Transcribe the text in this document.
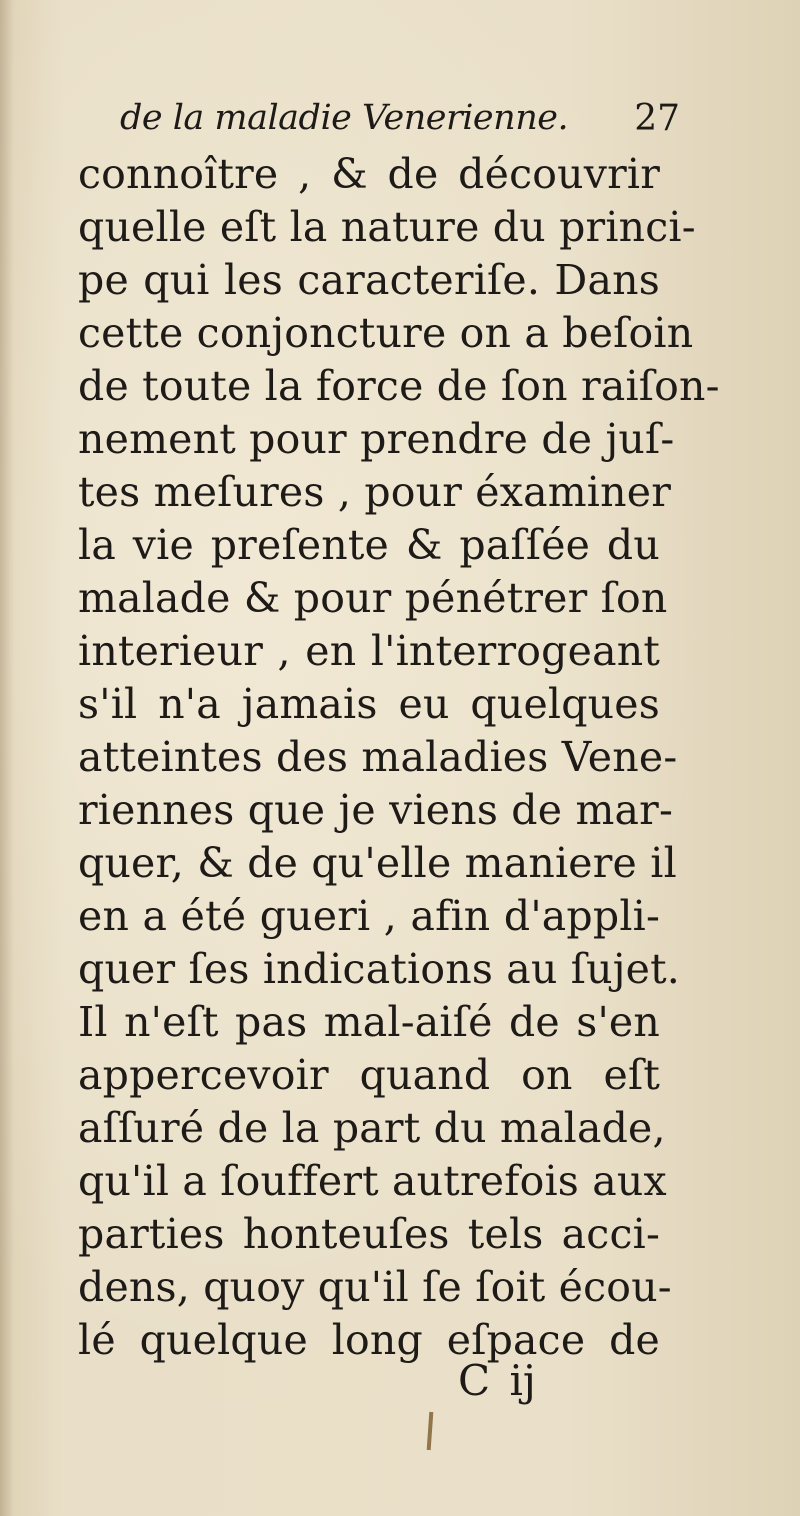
de la maladie Venerienne. 27
connoître , & de découvrir
quelle eſt la nature du princi-
pe qui les caracteriſe. Dans
cette conjoncture on a beſoin
de toute la force de ſon raiſon-
nement pour prendre de juſ-
tes meſures , pour éxaminer
la vie preſente & paſſée du
malade & pour pénétrer ſon
interieur , en l'interrogeant
s'il n'a jamais eu quelques
atteintes des maladies Vene-
riennes que je viens de mar-
quer, & de qu'elle maniere il
en a été gueri , afin d'appli-
quer ſes indications au ſujet.
Il n'eſt pas mal-aiſé de s'en
appercevoir quand on eſt
aſſuré de la part du malade,
qu'il a ſouffert autrefois aux
parties honteuſes tels acci-
dens, quoy qu'il ſe ſoit écou-
lé quelque long eſpace de
C ij
